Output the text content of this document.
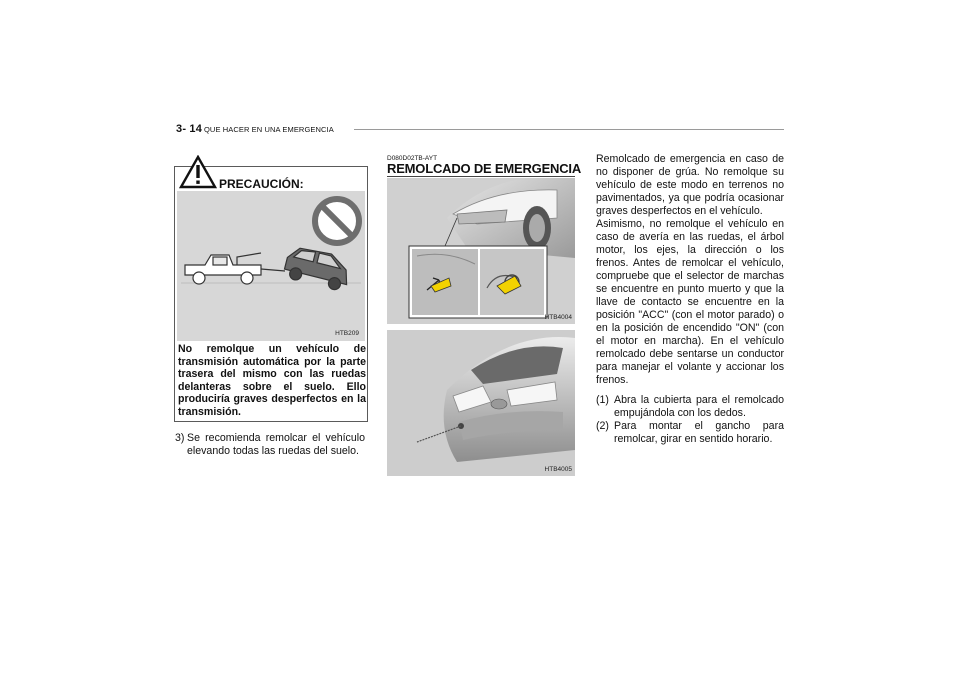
3- 14 QUE HACER EN UNA EMERGENCIA
HTB209
PRECAUCIÓN:
No remolque un vehículo de
transmisión automática por la parte trasera del mismo con las ruedas delanteras sobre el suelo. Ello produciría graves desperfectos en la transmisión.
3) Se recomienda remolcar el vehículo elevando todas las ruedas del suelo.
D080D02TB-AYT
REMOLCADO DE EMERGENCIA
HTB4004
HTB4005

Remolcado de emergencia en caso de no disponer de grúa. No remolque su vehículo de este modo en terrenos no pavimentados, ya que podría ocasionar graves desperfectos en el vehículo.

Asimismo, no remolque el vehículo en caso de avería en las ruedas, el árbol motor, los ejes, la dirección o los frenos. Antes de remolcar el vehículo, compruebe que el selector de marchas se encuentre en punto muerto y que la llave de contacto se encuentre en la posición "ACC" (con el motor parado) o en la posición de encendido "ON" (con el motor en marcha). En el vehículo remolcado debe sentarse un conductor para manejar el volante y accionar los frenos.

(1) Abra la cubierta para el remolcado empujándola con los dedos.
(2) Para montar el gancho para remolcar, girar en sentido horario.
